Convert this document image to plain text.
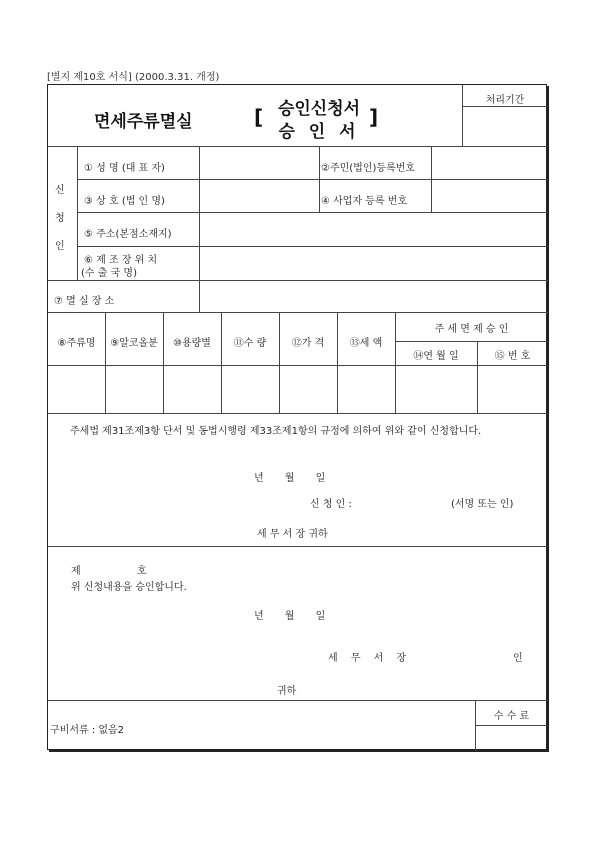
[별지 제10호 서식] (2000.3.31. 개정)
면세주류멸실	[ 승인신청서
승 인 서
]
처리기간
신
청
인
① 성 명 (대 표 자)	②주민(법인)등록번호
③ 상 호 (법 인 명)	④ 사업자 등록 번호
⑤ 주소(본점소재지)
⑥ 제 조 장 위 치
(수 출 국 명)
⑦ 멸 실 장 소
⑧주류명	⑨알코올분	⑩용량별	⑪수 량	⑫가 격	⑬세 액
주 세 면 제 승 인
⑭연 월 일	⑮ 번 호
주세법 제31조제3항 단서 및 동법시행령 제33조제1항의 규정에 의하여 위와 같이 신청합니다.
년 월 일
신 청 인 :	(서명 또는 인)
세 무 서 장 귀하
제	호
위 신청내용을 승인합니다.
년 월 일
세 무 서 장	인
귀하
구비서류 : 없음2
수 수 료
